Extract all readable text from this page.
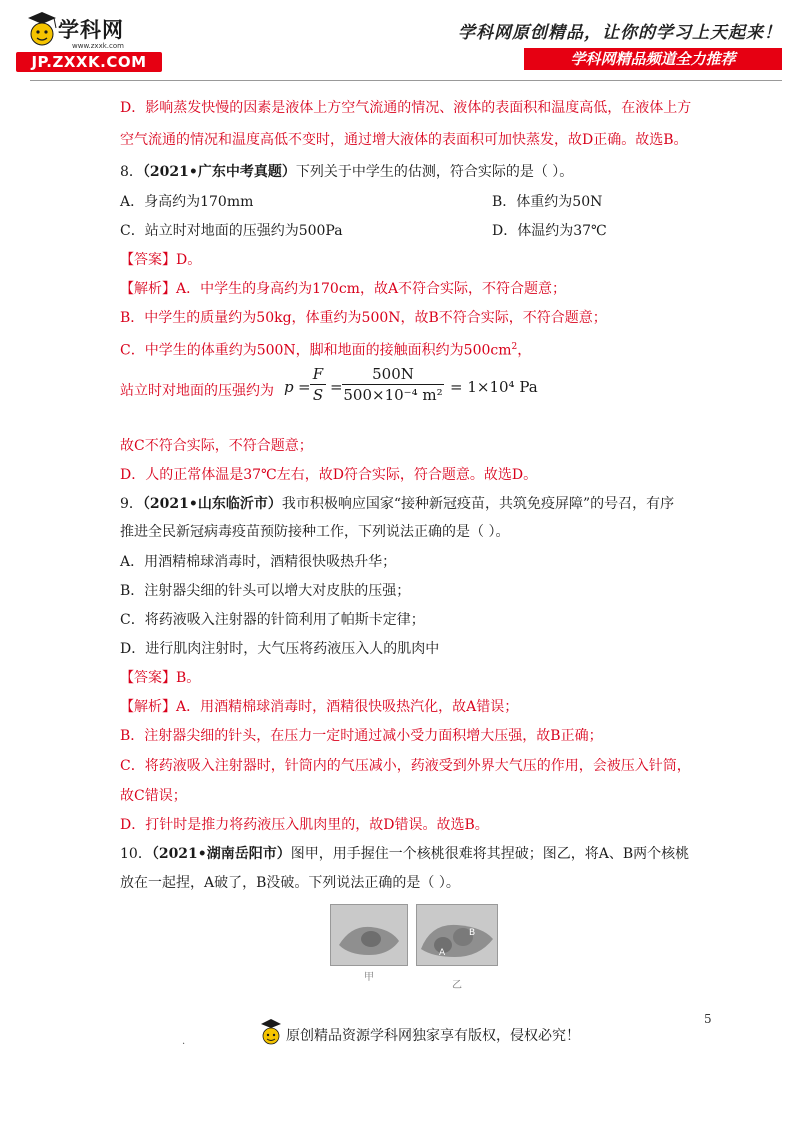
学科网
www.zxxk.com
JP.ZXXK.COM
学科网原创精品，让你的学习上天起来！
学科网精品频道全力推荐
D．影响蒸发快慢的因素是液体上方空气流通的情况、液体的表面积和温度高低，在液体上方
空气流通的情况和温度高低不变时，通过增大液体的表面积可加快蒸发，故D正确。故选B。
8．（2021•广东中考真题）下列关于中学生的估测，符合实际的是（ ）。
A．身高约为170mm	B．体重约为50N
C．站立时对地面的压强约为500Pa	D．体温约为37℃
【答案】D。
【解析】A．中学生的身高约为170cm，故A不符合实际，不符合题意；
B．中学生的质量约为50kg，体重约为500N，故B不符合实际，不符合题意；
C．中学生的体重约为500N，脚和地面的接触面积约为$500cm^2$，
站立时对地面的压强约为 $p = \frac{F}{S} = \frac{500N}{\text{500×10⁻⁴ m²}} = 1\times 10^4$ Pa
故C不符合实际，不符合题意；
D．人的正常体温是37℃左右，故D符合实际，符合题意。故选D。
9．（2021•山东临沂市）我市积极响应国家“接种新冠疫苗，共筑免疫屏障”的号召，有序
推进全民新冠病毒疫苗预防接种工作，下列说法正确的是（ ）。
A．用酒精棉球消毒时，酒精很快吸热升华；
B．注射器尖细的针头可以增大对皮肤的压强；
C．将药液吸入注射器的针筒利用了帕斯卡定律；
D．进行肌肉注射时，大气压将药液压入人的肌肉中
【答案】B。
【解析】A．用酒精棉球消毒时，酒精很快吸热汽化，故A错误；
B．注射器尖细的针头，在压力一定时通过减小受力面积增大压强，故B正确；
C．将药液吸入注射器时，针筒内的气压减小，药液受到外界大气压的作用，会被压入针筒，
故C错误；
D．打针时是推力将药液压入肌肉里的，故D错误。故选B。
10．（2021•湖南岳阳市）图甲，用手握住一个核桃很难将其捏破；图乙，将A、B两个核桃
放在一起捏，A破了，B没破。下列说法正确的是（ ）。
A
B
甲
乙
5
.	原创精品资源学科网独家享有版权，侵权必究！
